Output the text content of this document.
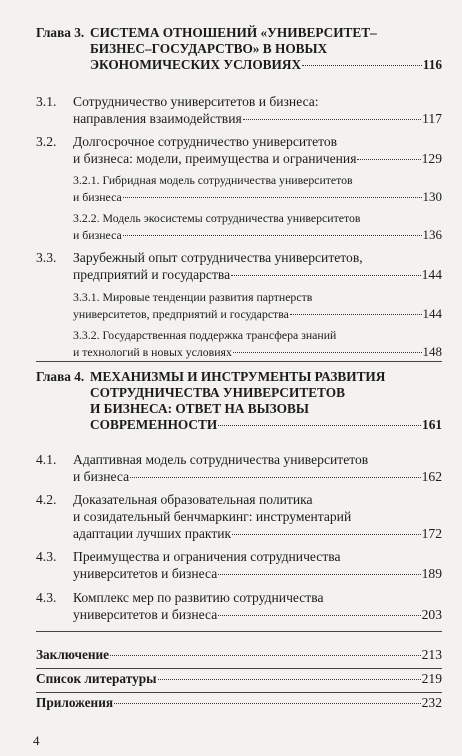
Глава 3. СИСТЕМА ОТНОШЕНИЙ «УНИВЕРСИТЕТ–
БИЗНЕС–ГОСУДАРСТВО» В НОВЫХ
ЭКОНОМИЧЕСКИХ УСЛОВИЯХ	116
3.1. Сотрудничество университетов и бизнеса:
направления взаимодействия	117
3.2. Долгосрочное сотрудничество университетов
и бизнеса: модели, преимущества и ограничения	129
3.2.1. Гибридная модель сотрудничества университетов
и бизнеса	130
3.2.2. Модель экосистемы сотрудничества университетов
и бизнеса	136
3.3. Зарубежный опыт сотрудничества университетов,
предприятий и государства	144
3.3.1. Мировые тенденции развития партнерств
университетов, предприятий и государства	144
3.3.2. Государственная поддержка трансфера знаний
и технологий в новых условиях	148
Глава 4. МЕХАНИЗМЫ И ИНСТРУМЕНТЫ РАЗВИТИЯ
СОТРУДНИЧЕСТВА УНИВЕРСИТЕТОВ
И БИЗНЕСА: ОТВЕТ НА ВЫЗОВЫ
СОВРЕМЕННОСТИ	161
4.1. Адаптивная модель сотрудничества университетов
и бизнеса	162
4.2. Доказательная образовательная политика
и созидательный бенчмаркинг: инструментарий
адаптации лучших практик	172
4.3. Преимущества и ограничения сотрудничества
университетов и бизнеса	189
4.3. Комплекс мер по развитию сотрудничества
университетов и бизнеса	203
Заключение	213
Список литературы	219
Приложения	232
4
